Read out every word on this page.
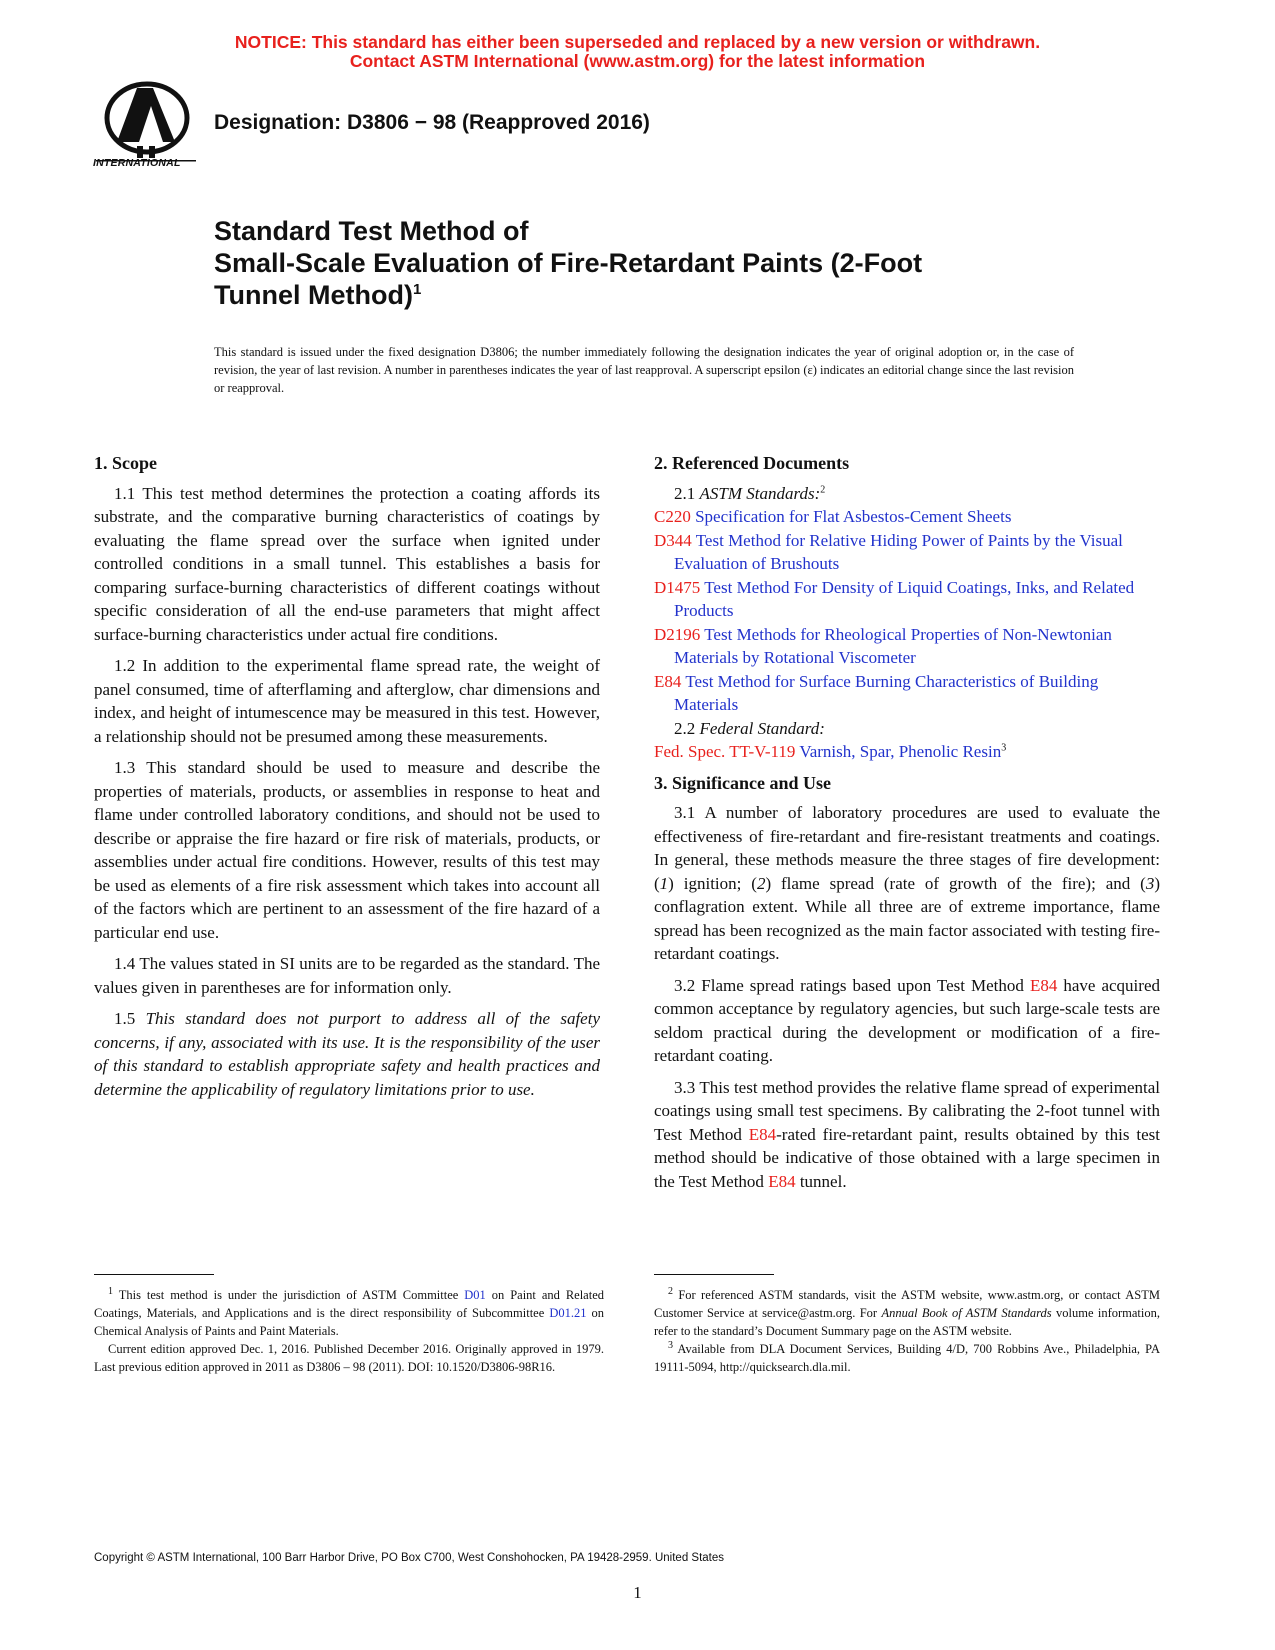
NOTICE: This standard has either been superseded and replaced by a new version or withdrawn.
Contact ASTM International (www.astm.org) for the latest information
INTERNATIONAL
Designation: D3806 − 98 (Reapproved 2016)
Standard Test Method of
Small-Scale Evaluation of Fire-Retardant Paints (2-Foot
Tunnel Method)$^1$
This standard is issued under the fixed designation D3806; the number immediately following the designation indicates the year of original adoption or, in the case of revision, the year of last revision. A number in parentheses indicates the year of last reapproval. A superscript epsilon (ε) indicates an editorial change since the last revision or reapproval.
1. Scope

1.1 This test method determines the protection a coating affords its substrate, and the comparative burning characteristics of coatings by evaluating the flame spread over the surface when ignited under controlled conditions in a small tunnel. This establishes a basis for comparing surface-burning characteristics of different coatings without specific consideration of all the end-use parameters that might affect surface-burning characteristics under actual fire conditions.

1.2 In addition to the experimental flame spread rate, the weight of panel consumed, time of afterflaming and afterglow, char dimensions and index, and height of intumescence may be measured in this test. However, a relationship should not be presumed among these measurements.

1.3 This standard should be used to measure and describe the properties of materials, products, or assemblies in response to heat and flame under controlled laboratory conditions, and should not be used to describe or appraise the fire hazard or fire risk of materials, products, or assemblies under actual fire conditions. However, results of this test may be used as elements of a fire risk assessment which takes into account all of the factors which are pertinent to an assessment of the fire hazard of a particular end use.

1.4 The values stated in SI units are to be regarded as the standard. The values given in parentheses are for information only.

1.5 This standard does not purport to address all of the safety concerns, if any, associated with its use. It is the responsibility of the user of this standard to establish appropriate safety and health practices and determine the applicability of regulatory limitations prior to use.

2. Referenced Documents

2.1 ASTM Standards:$^2$

C220 Specification for Flat Asbestos-Cement Sheets

D344 Test Method for Relative Hiding Power of Paints by the Visual Evaluation of Brushouts

D1475 Test Method For Density of Liquid Coatings, Inks, and Related Products

D2196 Test Methods for Rheological Properties of Non-Newtonian Materials by Rotational Viscometer

E84 Test Method for Surface Burning Characteristics of Building Materials

2.2 Federal Standard:

Fed. Spec. TT-V-119 Varnish, Spar, Phenolic Resin$^3$

3. Significance and Use

3.1 A number of laboratory procedures are used to evaluate the effectiveness of fire-retardant and fire-resistant treatments and coatings. In general, these methods measure the three stages of fire development: (1) ignition; (2) flame spread (rate of growth of the fire); and (3) conflagration extent. While all three are of extreme importance, flame spread has been recognized as the main factor associated with testing fire-retardant coatings.

3.2 Flame spread ratings based upon Test Method E84 have acquired common acceptance by regulatory agencies, but such large-scale tests are seldom practical during the development or modification of a fire-retardant coating.

3.3 This test method provides the relative flame spread of experimental coatings using small test specimens. By calibrating the 2-foot tunnel with Test Method E84-rated fire-retardant paint, results obtained by this test method should be indicative of those obtained with a large specimen in the Test Method E84 tunnel.

$^1$ This test method is under the jurisdiction of ASTM Committee D01 on Paint and Related Coatings, Materials, and Applications and is the direct responsibility of Subcommittee D01.21 on Chemical Analysis of Paints and Paint Materials.

Current edition approved Dec. 1, 2016. Published December 2016. Originally approved in 1979. Last previous edition approved in 2011 as D3806 – 98 (2011). DOI: 10.1520/D3806-98R16.

$^2$ For referenced ASTM standards, visit the ASTM website, www.astm.org, or contact ASTM Customer Service at service@astm.org. For Annual Book of ASTM Standards volume information, refer to the standard’s Document Summary page on the ASTM website.

$^3$ Available from DLA Document Services, Building 4/D, 700 Robbins Ave., Philadelphia, PA 19111-5094, http://quicksearch.dla.mil.

Copyright © ASTM International, 100 Barr Harbor Drive, PO Box C700, West Conshohocken, PA 19428-2959. United States
1
